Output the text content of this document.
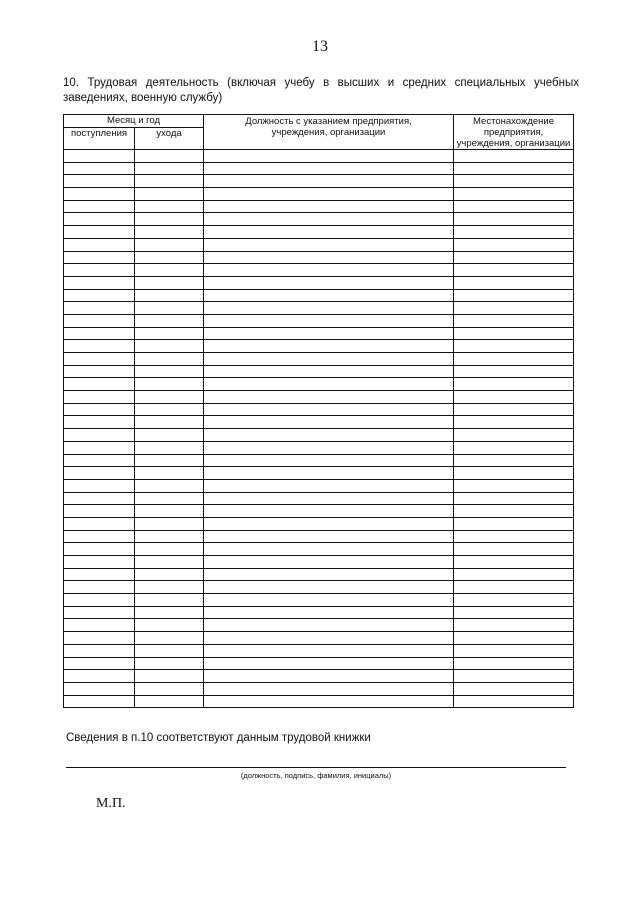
13
10. Трудовая деятельность (включая учебу в высших и средних специальных учебных заведениях, военную службу)
Месяц и год		Должность с указанием предприятия, учреждения, организации	Местонахождение предприятия, учреждения, организации
поступления	ухода		

Сведения в п.10 соответствуют данным трудовой книжки
(должность, подпись, фамилия, инициалы)
М.П.
